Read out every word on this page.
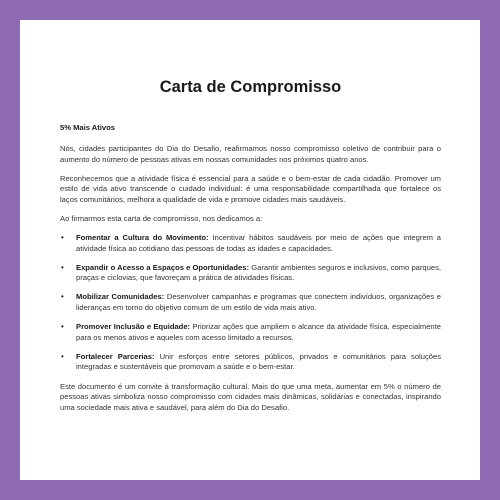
Carta de Compromisso
5% Mais Ativos

Nós, cidades participantes do Dia do Desafio, reafirmamos nosso compromisso coletivo de contribuir para o aumento do número de pessoas ativas em nossas comunidades nos próximos quatro anos.

Reconhecemos que a atividade física é essencial para a saúde e o bem-estar de cada cidadão. Promover um estilo de vida ativo transcende o cuidado individual: é uma responsabilidade compartilhada que fortalece os laços comunitários, melhora a qualidade de vida e promove cidades mais saudáveis.

Ao firmarmos esta carta de compromisso, nos dedicamos a:

• Fomentar a Cultura do Movimento: Incentivar hábitos saudáveis por meio de ações que integrem a atividade física ao cotidiano das pessoas de todas as idades e capacidades.
• Expandir o Acesso a Espaços e Oportunidades: Garantir ambientes seguros e inclusivos, como parques, praças e ciclovias, que favoreçam a prática de atividades físicas.
• Mobilizar Comunidades: Desenvolver campanhas e programas que conectem indivíduos, organizações e lideranças em torno do objetivo comum de um estilo de vida mais ativo.
• Promover Inclusão e Equidade: Priorizar ações que ampliem o alcance da atividade física, especialmente para os menos ativos e aqueles com acesso limitado a recursos.
• Fortalecer Parcerias: Unir esforços entre setores públicos, privados e comunitários para soluções integradas e sustentáveis que promovam a saúde e o bem-estar.

Este documento é um convite à transformação cultural. Mais do que uma meta, aumentar em 5% o número de pessoas ativas simboliza nosso compromisso com cidades mais dinâmicas, solidárias e conectadas, inspirando uma sociedade mais ativa e saudável, para além do Dia do Desafio.
